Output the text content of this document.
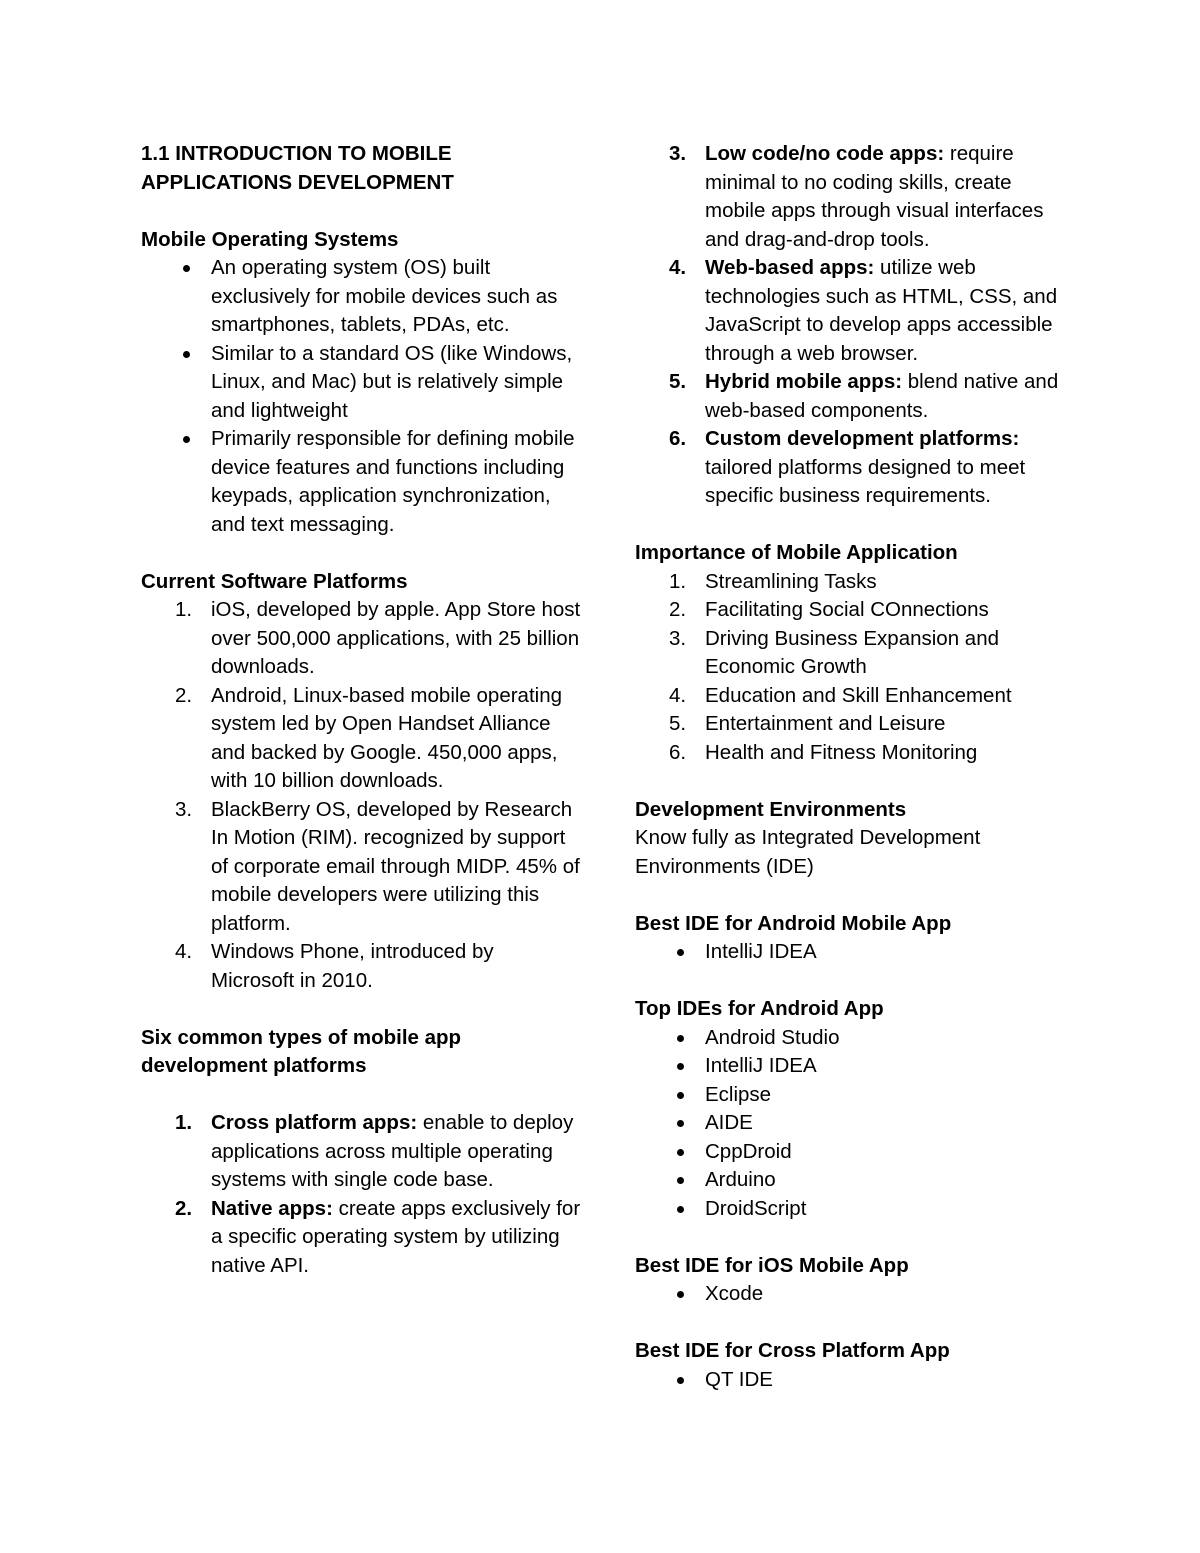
1.1 INTRODUCTION TO MOBILE
APPLICATIONS DEVELOPMENT
Mobile Operating Systems
An operating system (OS) built exclusively for mobile devices such as smartphones, tablets, PDAs, etc.
Similar to a standard OS (like Windows, Linux, and Mac) but is relatively simple and lightweight
Primarily responsible for defining mobile device features and functions including keypads, application synchronization, and text messaging.
Current Software Platforms
1. iOS, developed by apple. App Store host over 500,000 applications, with 25 billion downloads.
2. Android, Linux-based mobile operating system led by Open Handset Alliance and backed by Google. 450,000 apps, with 10 billion downloads.
3. BlackBerry OS, developed by Research In Motion (RIM). recognized by support of corporate email through MIDP. 45% of mobile developers were utilizing this platform.
4. Windows Phone, introduced by Microsoft in 2010.
Six common types of mobile app
development platforms
1. Cross platform apps: enable to deploy applications across multiple operating systems with single code base.
2. Native apps: create apps exclusively for a specific operating system by utilizing native API.
3. Low code/no code apps: require minimal to no coding skills, create mobile apps through visual interfaces and drag-and-drop tools.
4. Web-based apps: utilize web technologies such as HTML, CSS, and JavaScript to develop apps accessible through a web browser.
5. Hybrid mobile apps: blend native and web-based components.
6. Custom development platforms: tailored platforms designed to meet specific business requirements.
Importance of Mobile Application
1. Streamlining Tasks
2. Facilitating Social COnnections
3. Driving Business Expansion and Economic Growth
4. Education and Skill Enhancement
5. Entertainment and Leisure
6. Health and Fitness Monitoring
Development Environments

Know fully as Integrated Development Environments (IDE)

Best IDE for Android Mobile App
IntelliJ IDEA
Top IDEs for Android App
Android Studio
IntelliJ IDEA
Eclipse
AIDE
CppDroid
Arduino
DroidScript
Best IDE for iOS Mobile App
Xcode
Best IDE for Cross Platform App
QT IDE
